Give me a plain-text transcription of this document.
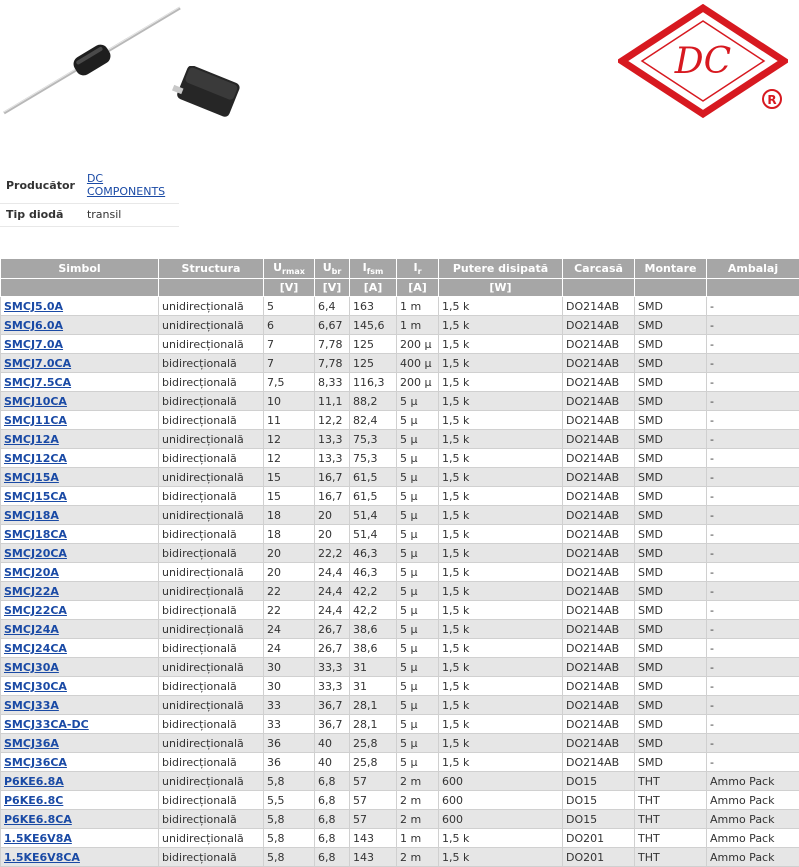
DC
R
Producător	DC COMPONENTS
Tip diodă	transil
Simbol	Structura	$U_{rmax}$	$U_{br}$	$I_{fsm}$	$I_r$	Putere disipată	Carcasă	Montare	Ambalaj
		[V]	[V]	[A]	[A]	[W]			
SMCJ5.0A	unidirecțională	5	6,4	163	1 m	1,5 k	DO214AB	SMD	-
SMCJ6.0A	unidirecțională	6	6,67	145,6	1 m	1,5 k	DO214AB	SMD	-
SMCJ7.0A	unidirecțională	7	7,78	125	200 μ	1,5 k	DO214AB	SMD	-
SMCJ7.0CA	bidirecțională	7	7,78	125	400 μ	1,5 k	DO214AB	SMD	-
SMCJ7.5CA	bidirecțională	7,5	8,33	116,3	200 μ	1,5 k	DO214AB	SMD	-
SMCJ10CA	bidirecțională	10	11,1	88,2	5 μ	1,5 k	DO214AB	SMD	-
SMCJ11CA	bidirecțională	11	12,2	82,4	5 μ	1,5 k	DO214AB	SMD	-
SMCJ12A	unidirecțională	12	13,3	75,3	5 μ	1,5 k	DO214AB	SMD	-
SMCJ12CA	bidirecțională	12	13,3	75,3	5 μ	1,5 k	DO214AB	SMD	-
SMCJ15A	unidirecțională	15	16,7	61,5	5 μ	1,5 k	DO214AB	SMD	-
SMCJ15CA	bidirecțională	15	16,7	61,5	5 μ	1,5 k	DO214AB	SMD	-
SMCJ18A	unidirecțională	18	20	51,4	5 μ	1,5 k	DO214AB	SMD	-
SMCJ18CA	bidirecțională	18	20	51,4	5 μ	1,5 k	DO214AB	SMD	-
SMCJ20CA	bidirecțională	20	22,2	46,3	5 μ	1,5 k	DO214AB	SMD	-
SMCJ20A	unidirecțională	20	24,4	46,3	5 μ	1,5 k	DO214AB	SMD	-
SMCJ22A	unidirecțională	22	24,4	42,2	5 μ	1,5 k	DO214AB	SMD	-
SMCJ22CA	bidirecțională	22	24,4	42,2	5 μ	1,5 k	DO214AB	SMD	-
SMCJ24A	unidirecțională	24	26,7	38,6	5 μ	1,5 k	DO214AB	SMD	-
SMCJ24CA	bidirecțională	24	26,7	38,6	5 μ	1,5 k	DO214AB	SMD	-
SMCJ30A	unidirecțională	30	33,3	31	5 μ	1,5 k	DO214AB	SMD	-
SMCJ30CA	bidirecțională	30	33,3	31	5 μ	1,5 k	DO214AB	SMD	-
SMCJ33A	unidirecțională	33	36,7	28,1	5 μ	1,5 k	DO214AB	SMD	-
SMCJ33CA-DC	bidirecțională	33	36,7	28,1	5 μ	1,5 k	DO214AB	SMD	-
SMCJ36A	unidirecțională	36	40	25,8	5 μ	1,5 k	DO214AB	SMD	-
SMCJ36CA	bidirecțională	36	40	25,8	5 μ	1,5 k	DO214AB	SMD	-
P6KE6.8A	unidirecțională	5,8	6,8	57	2 m	600	DO15	THT	Ammo Pack
P6KE6.8C	bidirecțională	5,5	6,8	57	2 m	600	DO15	THT	Ammo Pack
P6KE6.8CA	bidirecțională	5,8	6,8	57	2 m	600	DO15	THT	Ammo Pack
1.5KE6V8A	unidirecțională	5,8	6,8	143	1 m	1,5 k	DO201	THT	Ammo Pack
1.5KE6V8CA	bidirecțională	5,8	6,8	143	2 m	1,5 k	DO201	THT	Ammo Pack
